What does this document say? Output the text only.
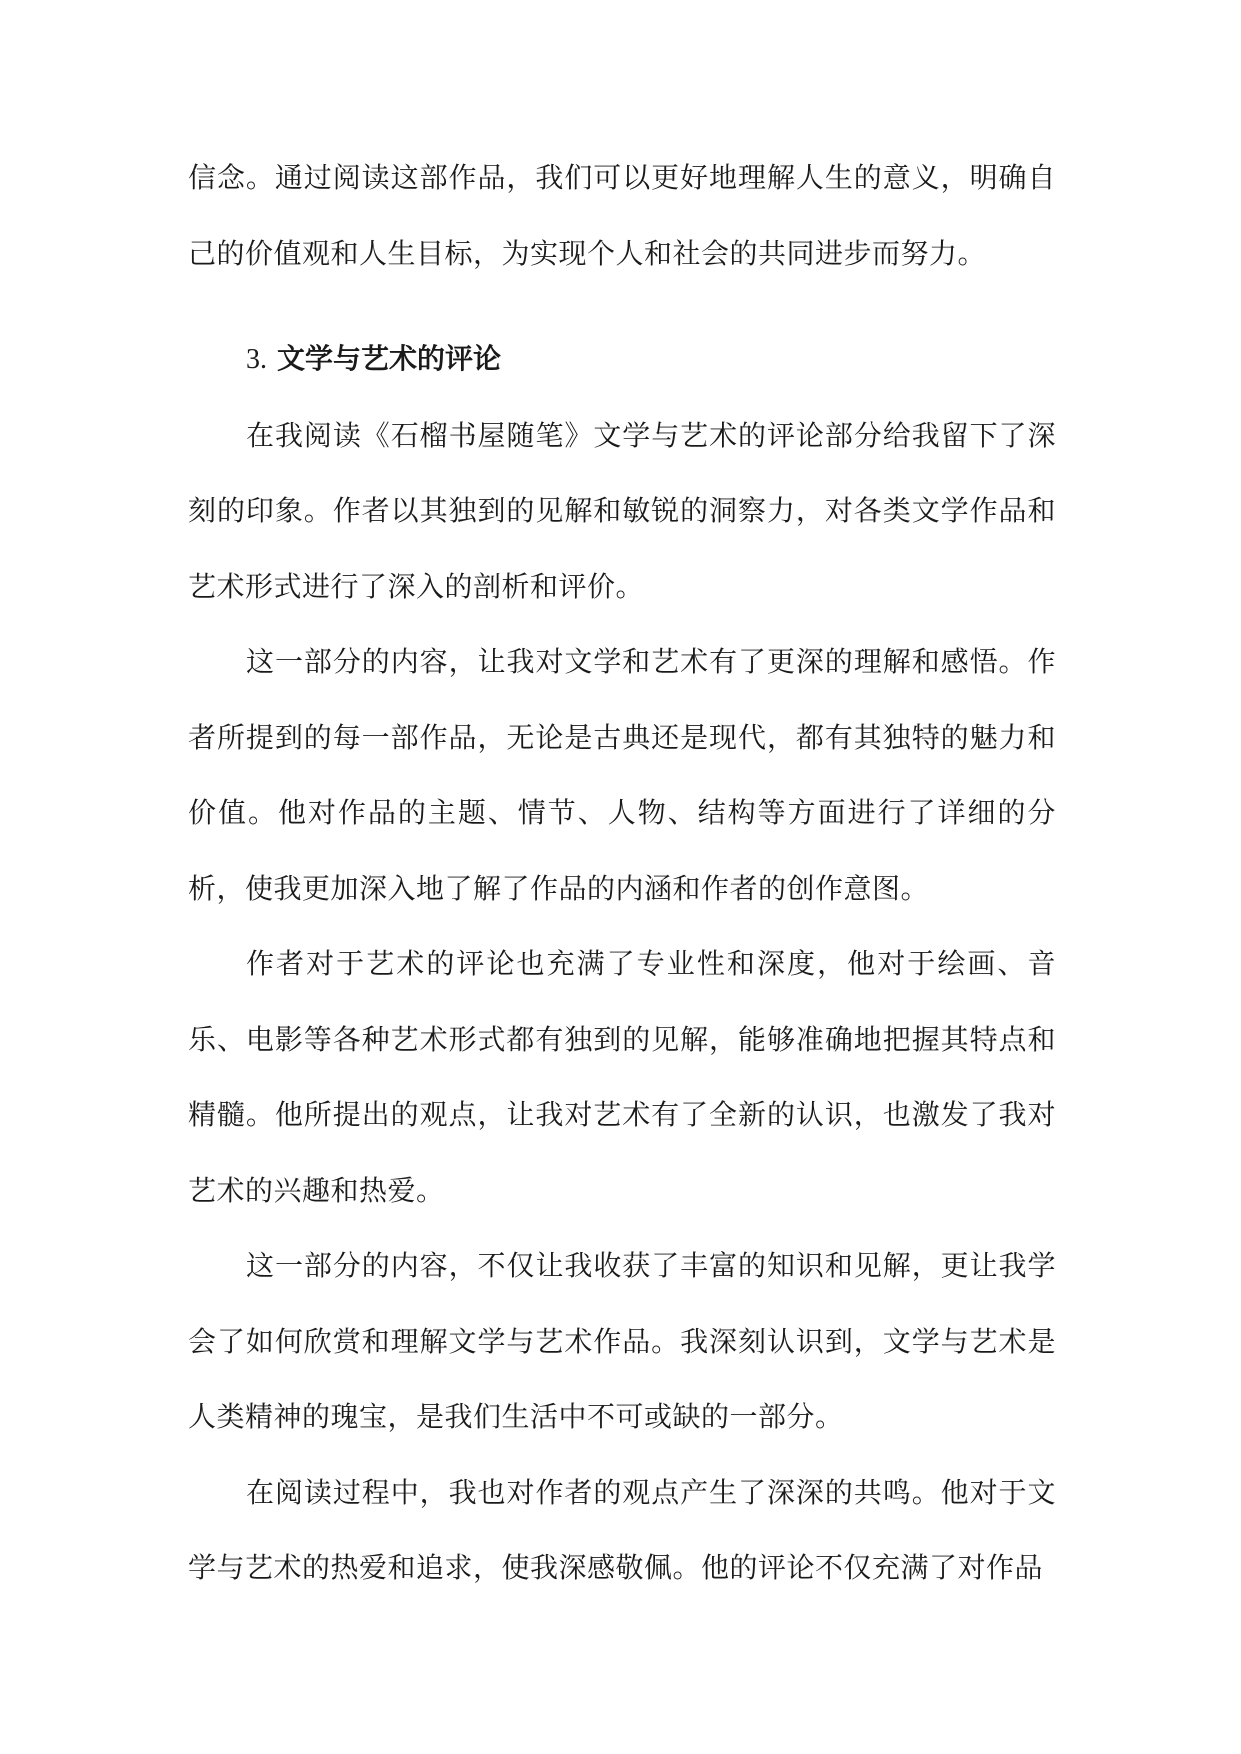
信念。通过阅读这部作品，我们可以更好地理解人生的意义，明确自己的价值观和人生目标，为实现个人和社会的共同进步而努力。

3. 文学与艺术的评论

在我阅读《石榴书屋随笔》文学与艺术的评论部分给我留下了深刻的印象。作者以其独到的见解和敏锐的洞察力，对各类文学作品和艺术形式进行了深入的剖析和评价。

这一部分的内容，让我对文学和艺术有了更深的理解和感悟。作者所提到的每一部作品，无论是古典还是现代，都有其独特的魅力和价值。他对作品的主题、情节、人物、结构等方面进行了详细的分析，使我更加深入地了解了作品的内涵和作者的创作意图。

作者对于艺术的评论也充满了专业性和深度，他对于绘画、音乐、电影等各种艺术形式都有独到的见解，能够准确地把握其特点和精髓。他所提出的观点，让我对艺术有了全新的认识，也激发了我对艺术的兴趣和热爱。

这一部分的内容，不仅让我收获了丰富的知识和见解，更让我学会了如何欣赏和理解文学与艺术作品。我深刻认识到，文学与艺术是人类精神的瑰宝，是我们生活中不可或缺的一部分。

在阅读过程中，我也对作者的观点产生了深深的共鸣。他对于文学与艺术的热爱和追求，使我深感敬佩。他的评论不仅充满了对作品
